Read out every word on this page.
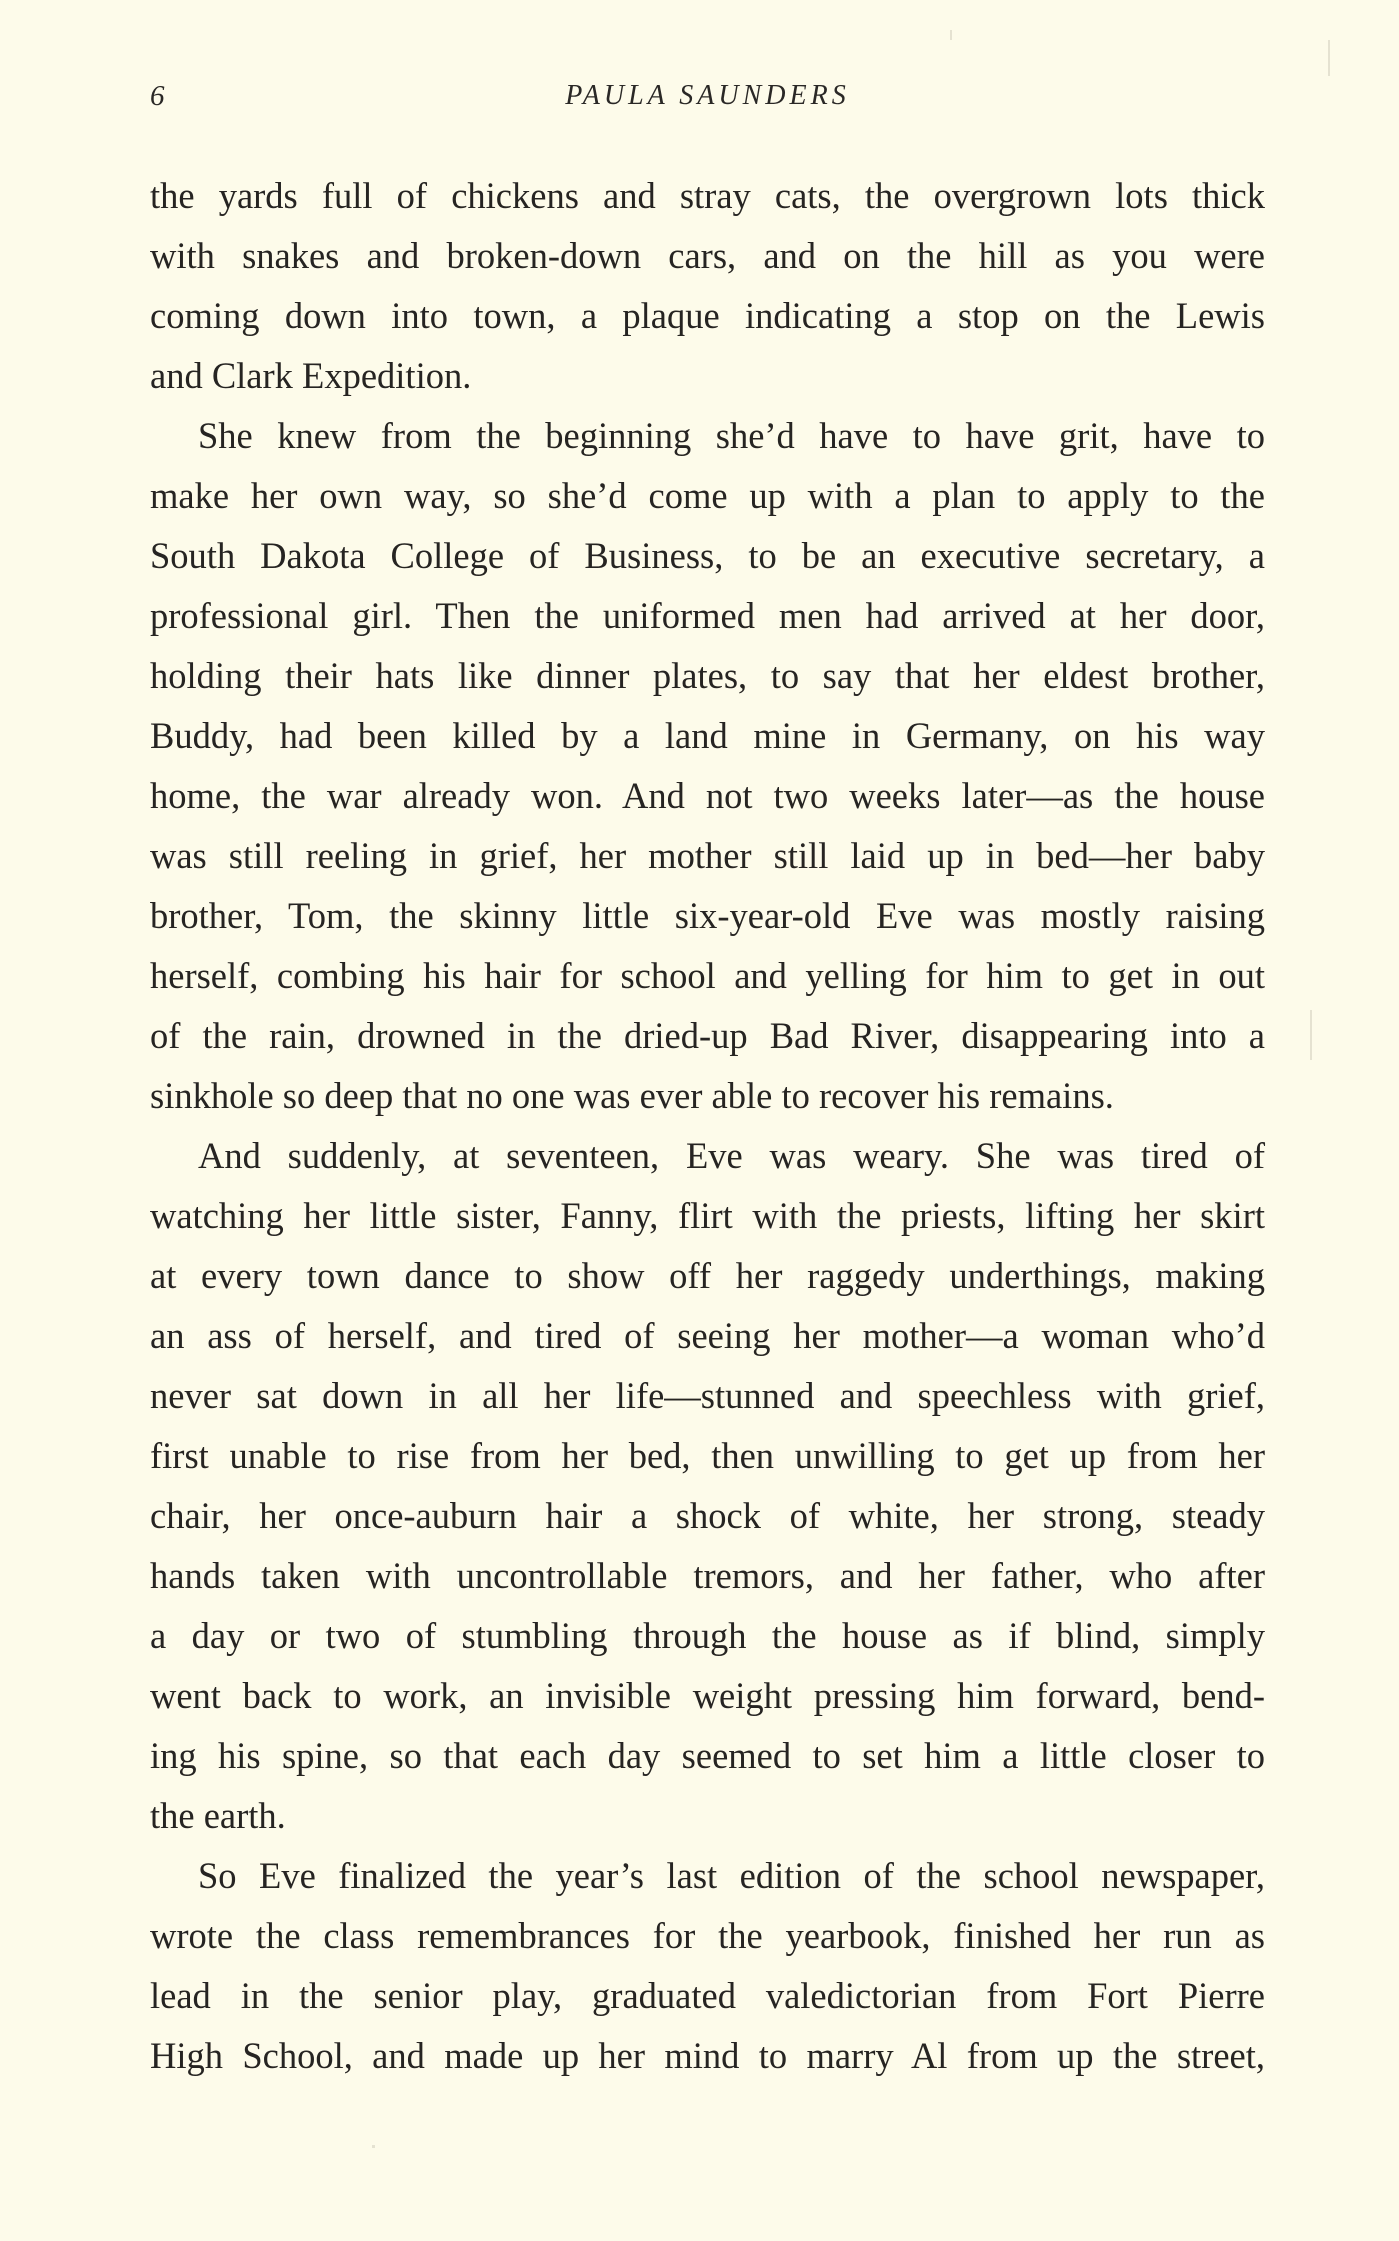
6	PAULA SAUNDERS
the yards full of chickens and stray cats, the overgrown lots thick
with snakes and broken-down cars, and on the hill as you were
coming down into town, a plaque indicating a stop on the Lewis
and Clark Expedition.
She knew from the beginning she’d have to have grit, have to
make her own way, so she’d come up with a plan to apply to the
South Dakota College of Business, to be an executive secretary, a
professional girl. Then the uniformed men had arrived at her door,
holding their hats like dinner plates, to say that her eldest brother,
Buddy, had been killed by a land mine in Germany, on his way
home, the war already won. And not two weeks later—as the house
was still reeling in grief, her mother still laid up in bed—her baby
brother, Tom, the skinny little six-year-old Eve was mostly raising
herself, combing his hair for school and yelling for him to get in out
of the rain, drowned in the dried-up Bad River, disappearing into a
sinkhole so deep that no one was ever able to recover his remains.
And suddenly, at seventeen, Eve was weary. She was tired of
watching her little sister, Fanny, flirt with the priests, lifting her skirt
at every town dance to show off her raggedy underthings, making
an ass of herself, and tired of seeing her mother—a woman who’d
never sat down in all her life—stunned and speechless with grief,
first unable to rise from her bed, then unwilling to get up from her
chair, her once-auburn hair a shock of white, her strong, steady
hands taken with uncontrollable tremors, and her father, who after
a day or two of stumbling through the house as if blind, simply
went back to work, an invisible weight pressing him forward, bend-
ing his spine, so that each day seemed to set him a little closer to
the earth.
So Eve finalized the year’s last edition of the school newspaper,
wrote the class remembrances for the yearbook, finished her run as
lead in the senior play, graduated valedictorian from Fort Pierre
High School, and made up her mind to marry Al from up the street,
